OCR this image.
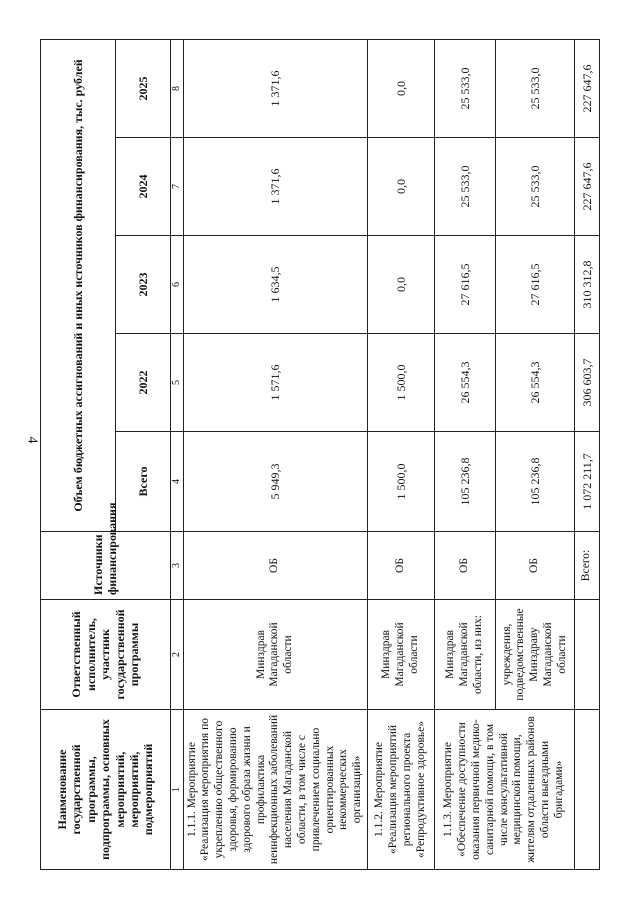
4
Наименование государственной программы, подпрограммы, основных мероприятий, мероприятий, подмероприятий	Ответственный исполнитель, участник государственной программы	Источники финансирования	Объем бюджетных ассигнований и иных источников финансирования, тыс. рублей				
			Всего	2022	2023	2024	2025
1	2	3	4	5	6	7	8
1.1.1. Мероприятие «Реализация мероприятия по укреплению общественного здоровья, формированию здорового образа жизни и профилактика неинфекционных заболеваний населения Магаданской области, в том числе с привлечением социально ориентированных некоммерческих организаций»	Минздрав Магаданской области	ОБ	5 949,3	1 571,6	1 634,5	1 371,6	1 371,6
1.1.2. Мероприятие «Реализация мероприятий регионального проекта «Репродуктивное здоровье»	Минздрав Магаданской области	ОБ	1 500,0	1 500,0	0,0	0,0	0,0
1.1.3. Мероприятие «Обеспечение доступности оказания первичной медико-санитарной помощи, в том числе консультативной медицинской помощи, жителям отдаленных районов области выездными бригадами»	Минздрав Магаданской области, из них:	ОБ	105 236,8	26 554,3	27 616,5	25 533,0	25 533,0
	учреждения, подведомственные Минздраву Магаданской области	ОБ	105 236,8	26 554,3	27 616,5	25 533,0	25 533,0
		Всего:	1 072 211,7	306 603,7	310 312,8	227 647,6	227 647,6
